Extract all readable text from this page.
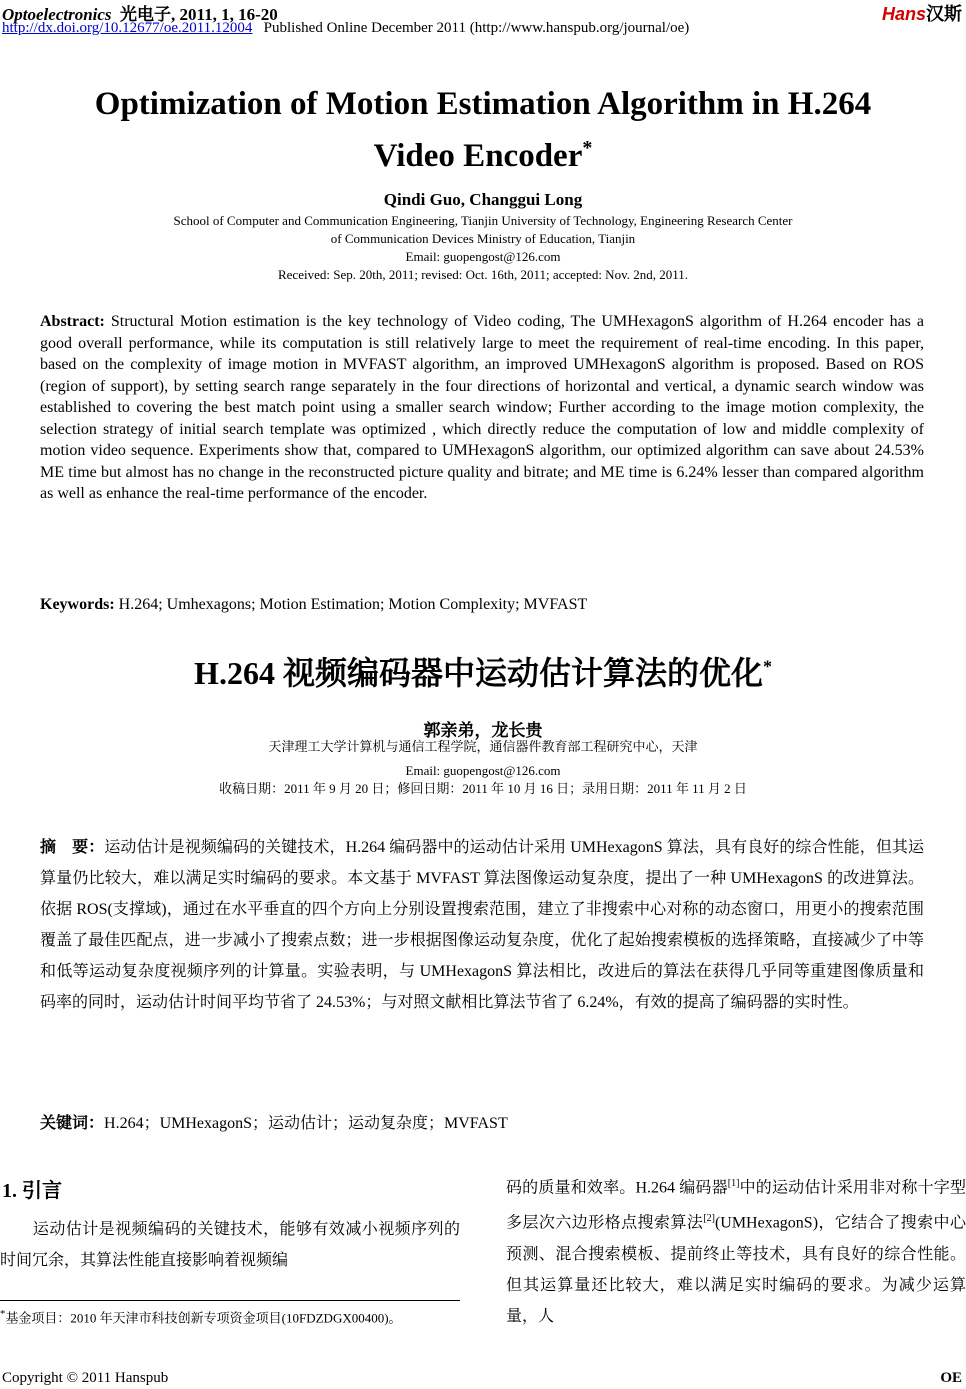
Optoelectronics 光电子, 2011, 1, 16-20	Hans汉斯
http://dx.doi.org/10.12677/oe.2011.12004 Published Online December 2011 (http://www.hanspub.org/journal/oe)
Optimization of Motion Estimation Algorithm in H.264
Video Encoder*
Qindi Guo, Changgui Long
School of Computer and Communication Engineering, Tianjin University of Technology, Engineering Research Center
of Communication Devices Ministry of Education, Tianjin
Email: guopengost@126.com
Received: Sep. 20th, 2011; revised: Oct. 16th, 2011; accepted: Nov. 2nd, 2011.
Abstract: Structural Motion estimation is the key technology of Video coding, The UMHexagonS algorithm of H.264 encoder has a good overall performance, while its computation is still relatively large to meet the requirement of real-time encoding. In this paper, based on the complexity of image motion in MVFAST algorithm, an improved UMHexagonS algorithm is proposed. Based on ROS (region of support), by setting search range separately in the four directions of horizontal and vertical, a dynamic search window was established to covering the best match point using a smaller search window; Further according to the image motion complexity, the selection strategy of initial search template was optimized , which directly reduce the computation of low and middle complexity of motion video sequence. Experiments show that, compared to UMHexagonS algorithm, our optimized algorithm can save about 24.53% ME time but almost has no change in the reconstructed picture quality and bitrate; and ME time is 6.24% lesser than compared algorithm as well as enhance the real-time performance of the encoder.
Keywords: H.264; Umhexagons; Motion Estimation; Motion Complexity; MVFAST
H.264 视频编码器中运动估计算法的优化*
郭亲弟，龙长贵
天津理工大学计算机与通信工程学院，通信器件教育部工程研究中心，天津
Email: guopengost@126.com
收稿日期：2011 年 9 月 20 日；修回日期：2011 年 10 月 16 日；录用日期：2011 年 11 月 2 日
摘　要：运动估计是视频编码的关键技术，H.264 编码器中的运动估计采用 UMHexagonS 算法，具有良好的综合性能，但其运算量仍比较大，难以满足实时编码的要求。本文基于 MVFAST 算法图像运动复杂度，提出了一种 UMHexagonS 的改进算法。依据 ROS(支撑域)，通过在水平垂直的四个方向上分别设置搜索范围，建立了非搜索中心对称的动态窗口，用更小的搜索范围覆盖了最佳匹配点，进一步减小了搜索点数；进一步根据图像运动复杂度，优化了起始搜索模板的选择策略，直接减少了中等和低等运动复杂度视频序列的计算量。实验表明，与 UMHexagonS 算法相比，改进后的算法在获得几乎同等重建图像质量和码率的同时，运动估计时间平均节省了 24.53%；与对照文献相比算法节省了 6.24%，有效的提高了编码器的实时性。
关键词：H.264；UMHexagonS；运动估计；运动复杂度；MVFAST
1. 引言
　　运动估计是视频编码的关键技术，能够有效减小视频序列的时间冗余，其算法性能直接影响着视频编
码的质量和效率。H.264 编码器[1]中的运动估计采用非对称十字型多层次六边形格点搜索算法[2](UMHexagonS)，它结合了搜索中心预测、混合搜索模板、提前终止等技术，具有良好的综合性能。但其运算量还比较大，难以满足实时编码的要求。为减少运算量，人
*基金项目：2010 年天津市科技创新专项资金项目(10FDZDGX00400)。
Copyright © 2011 Hanspub	OE
